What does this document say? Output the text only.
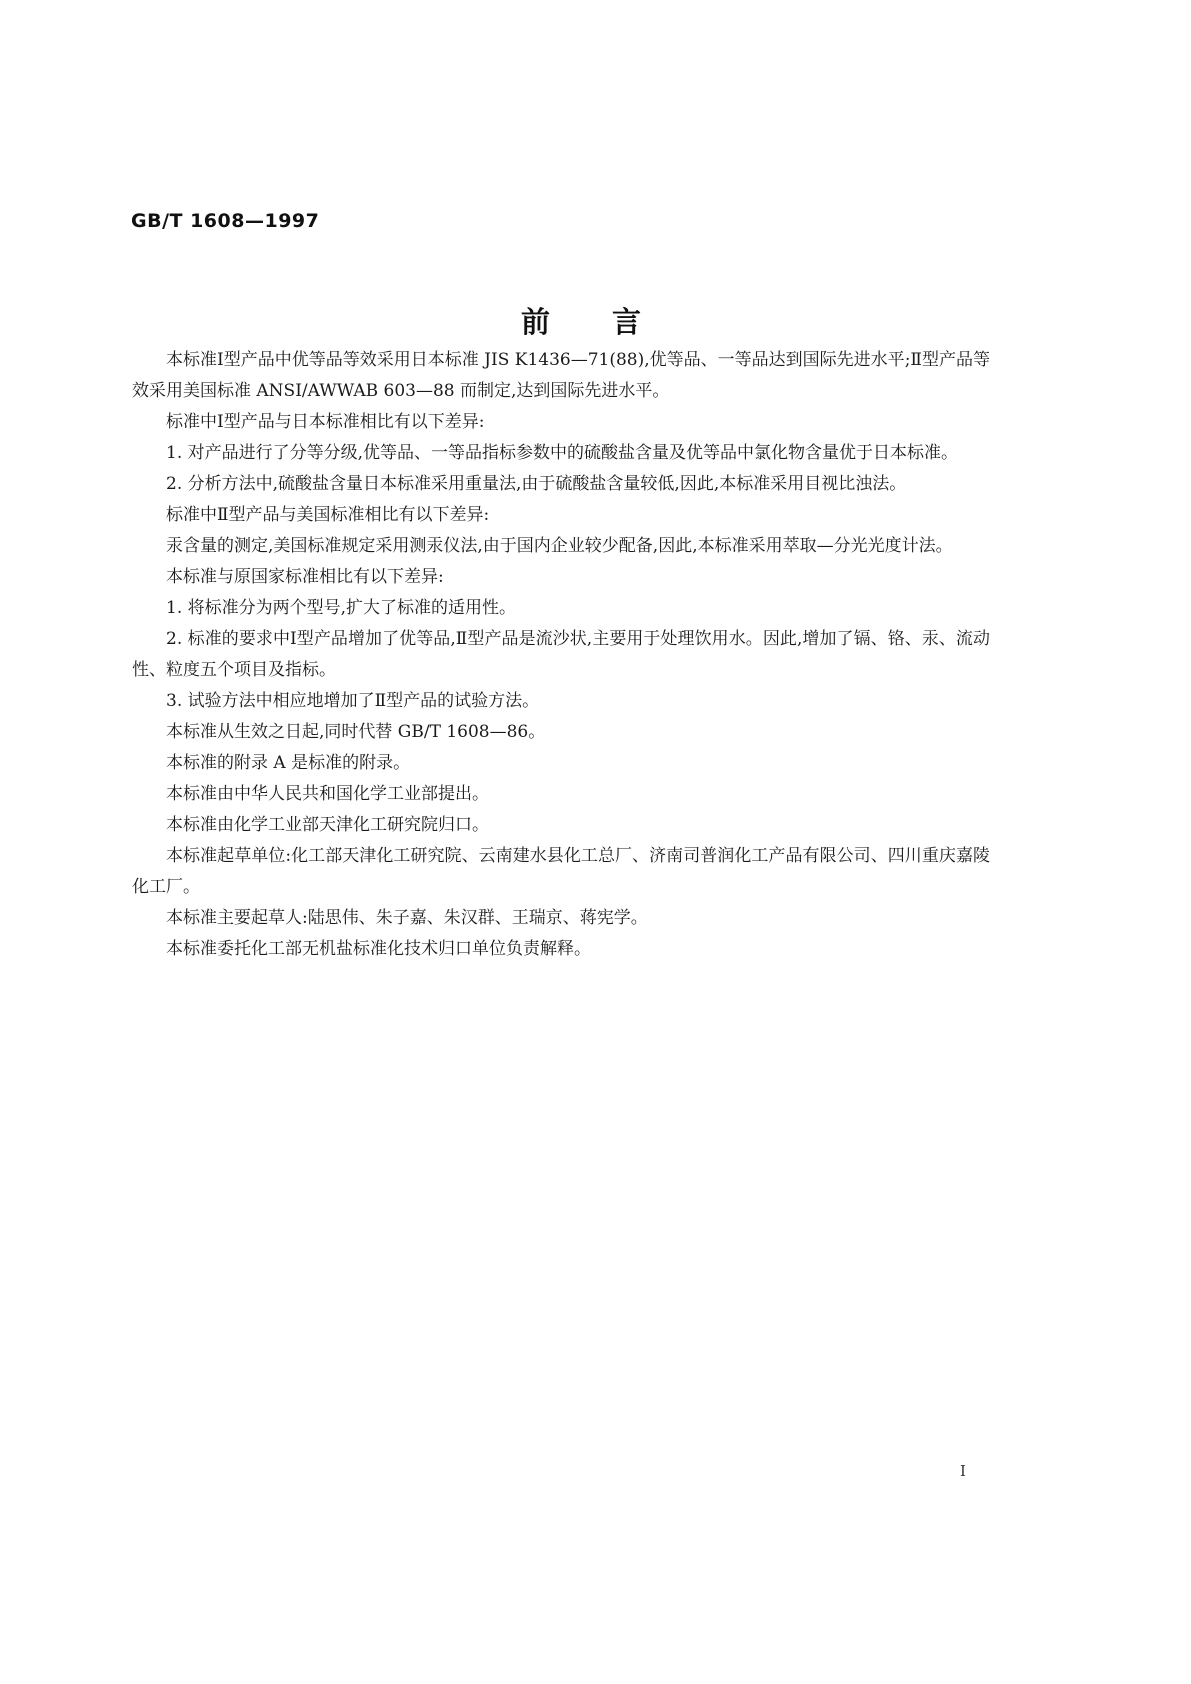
GB/T 1608—1997
前言

本标准Ⅰ型产品中优等品等效采用日本标准 JIS K1436—71(88),优等品、一等品达到国际先进水平;Ⅱ型产品等效采用美国标准 ANSI/AWWAB 603—88 而制定,达到国际先进水平。

标准中Ⅰ型产品与日本标准相比有以下差异:

1. 对产品进行了分等分级,优等品、一等品指标参数中的硫酸盐含量及优等品中氯化物含量优于日本标准。

2. 分析方法中,硫酸盐含量日本标准采用重量法,由于硫酸盐含量较低,因此,本标准采用目视比浊法。

标准中Ⅱ型产品与美国标准相比有以下差异:

汞含量的测定,美国标准规定采用测汞仪法,由于国内企业较少配备,因此,本标准采用萃取—分光光度计法。

本标准与原国家标准相比有以下差异:

1. 将标准分为两个型号,扩大了标准的适用性。

2. 标准的要求中Ⅰ型产品增加了优等品,Ⅱ型产品是流沙状,主要用于处理饮用水。因此,增加了镉、铬、汞、流动性、粒度五个项目及指标。

3. 试验方法中相应地增加了Ⅱ型产品的试验方法。

本标准从生效之日起,同时代替 GB/T 1608—86。

本标准的附录 A 是标准的附录。

本标准由中华人民共和国化学工业部提出。

本标准由化学工业部天津化工研究院归口。

本标准起草单位:化工部天津化工研究院、云南建水县化工总厂、济南司普润化工产品有限公司、四川重庆嘉陵化工厂。

本标准主要起草人:陆思伟、朱子嘉、朱汉群、王瑞京、蒋宪学。

本标准委托化工部无机盐标准化技术归口单位负责解释。

Ⅰ
